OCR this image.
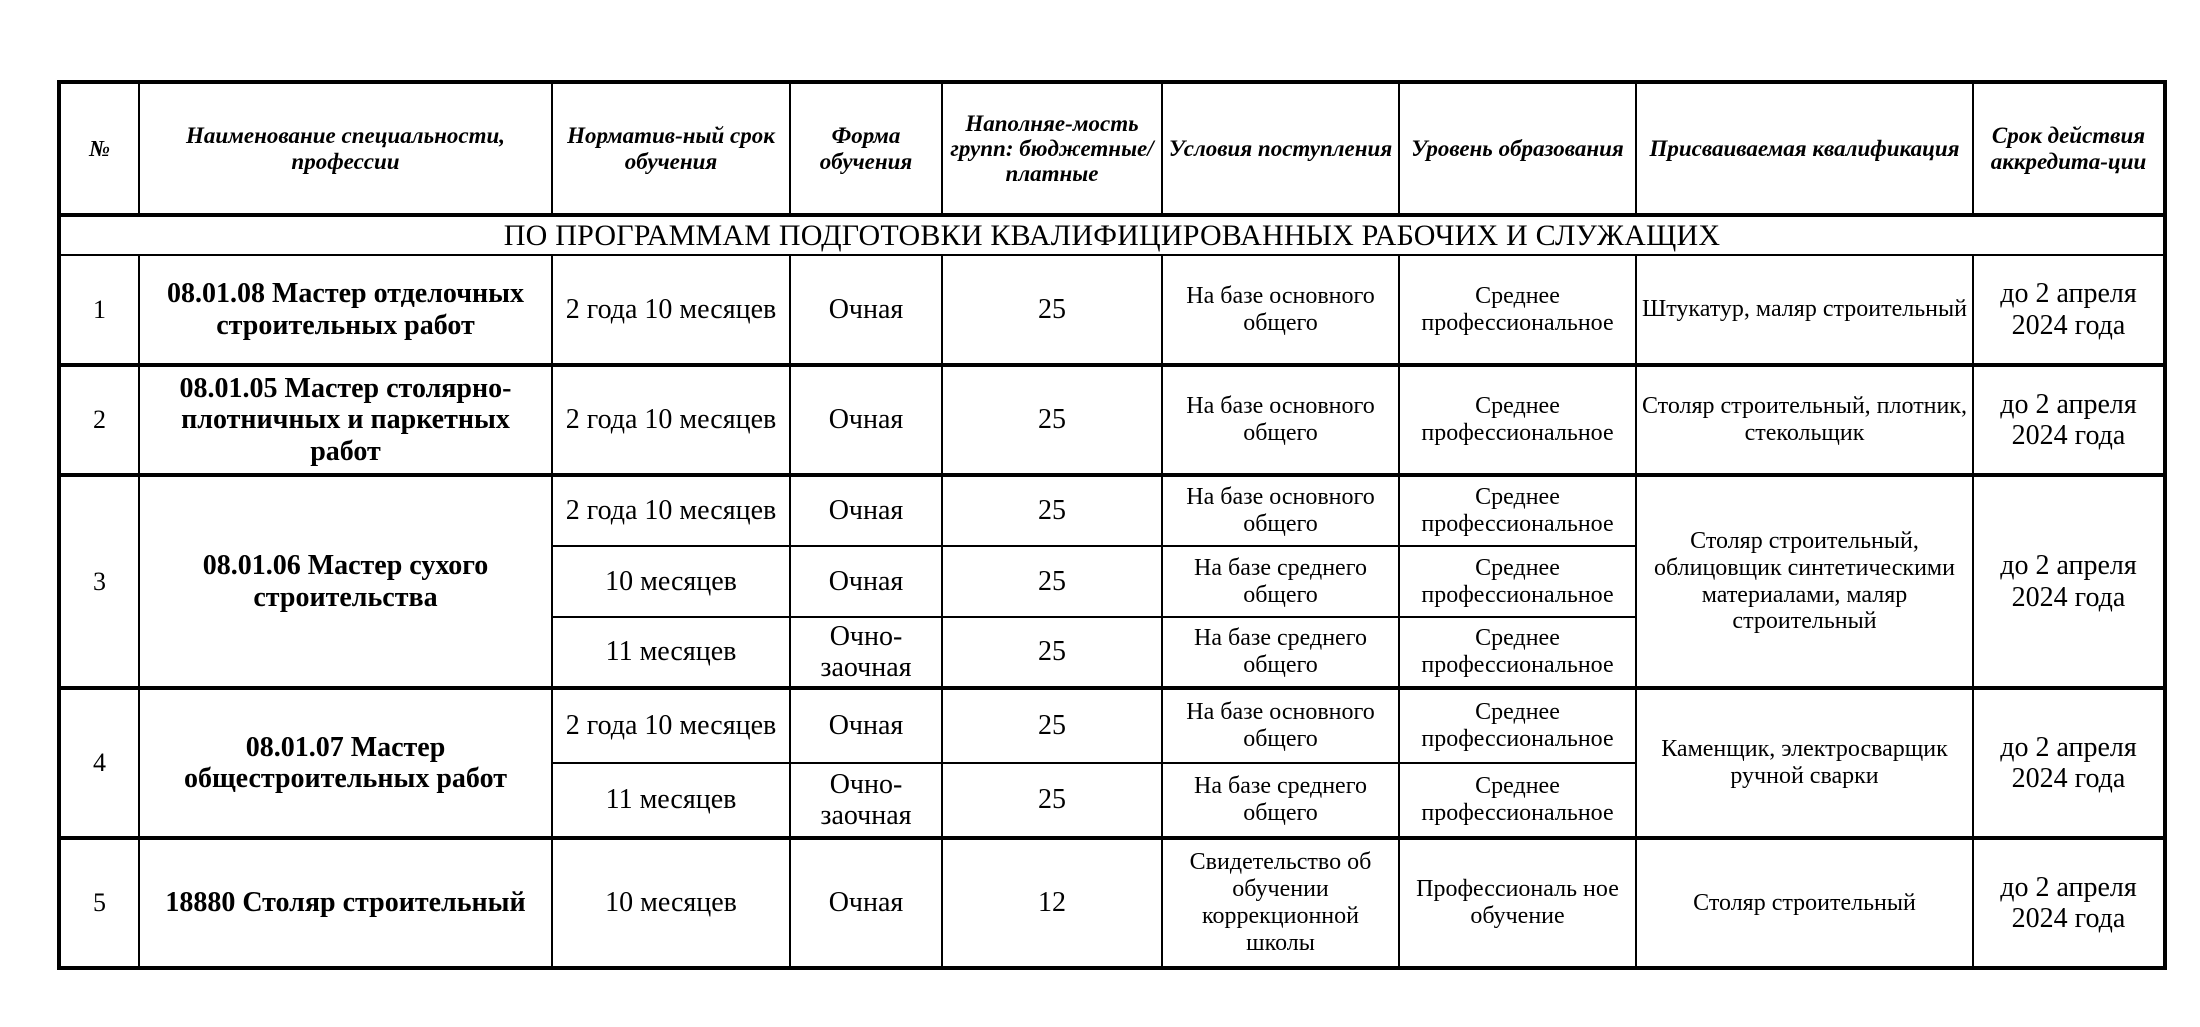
№	Наименование специальности, профессии	Норматив-ный срок обучения	Форма обучения	Наполняе-мость групп: бюджетные/ платные	Условия поступления	Уровень образования	Присваиваемая квалификация	Срок действия аккредита-ции
ПО ПРОГРАММАМ ПОДГОТОВКИ КВАЛИФИЦИРОВАННЫХ РАБОЧИХ И СЛУЖАЩИХ								
1	08.01.08 Мастер отделочных строительных работ	2 года 10 месяцев	Очная	25	На базе основного общего	Среднее профессиональное	Штукатур, маляр строительный	до 2 апреля 2024 года
2	08.01.05 Мастер столярно-плотничных и паркетных работ	2 года 10 месяцев	Очная	25	На базе основного общего	Среднее профессиональное	Столяр строительный, плотник, стекольщик	до 2 апреля 2024 года
3	08.01.06 Мастер сухого строительства	2 года 10 месяцев	Очная	25	На базе основного общего	Среднее профессиональное	Столяр строительный, облицовщик синтетическими материалами, маляр строительный	до 2 апреля 2024 года
		10 месяцев	Очная	25	На базе среднего общего	Среднее профессиональное		
		11 месяцев	Очно-заочная	25	На базе среднего общего	Среднее профессиональное		
4	08.01.07 Мастер общестроительных работ	2 года 10 месяцев	Очная	25	На базе основного общего	Среднее профессиональное	Каменщик, электросварщик ручной сварки	до 2 апреля 2024 года
		11 месяцев	Очно-заочная	25	На базе среднего общего	Среднее профессиональное		
5	18880 Столяр строительный	10 месяцев	Очная	12	Свидетельство об обучении коррекционной школы	Профессиональ ное обучение	Столяр строительный	до 2 апреля 2024 года
